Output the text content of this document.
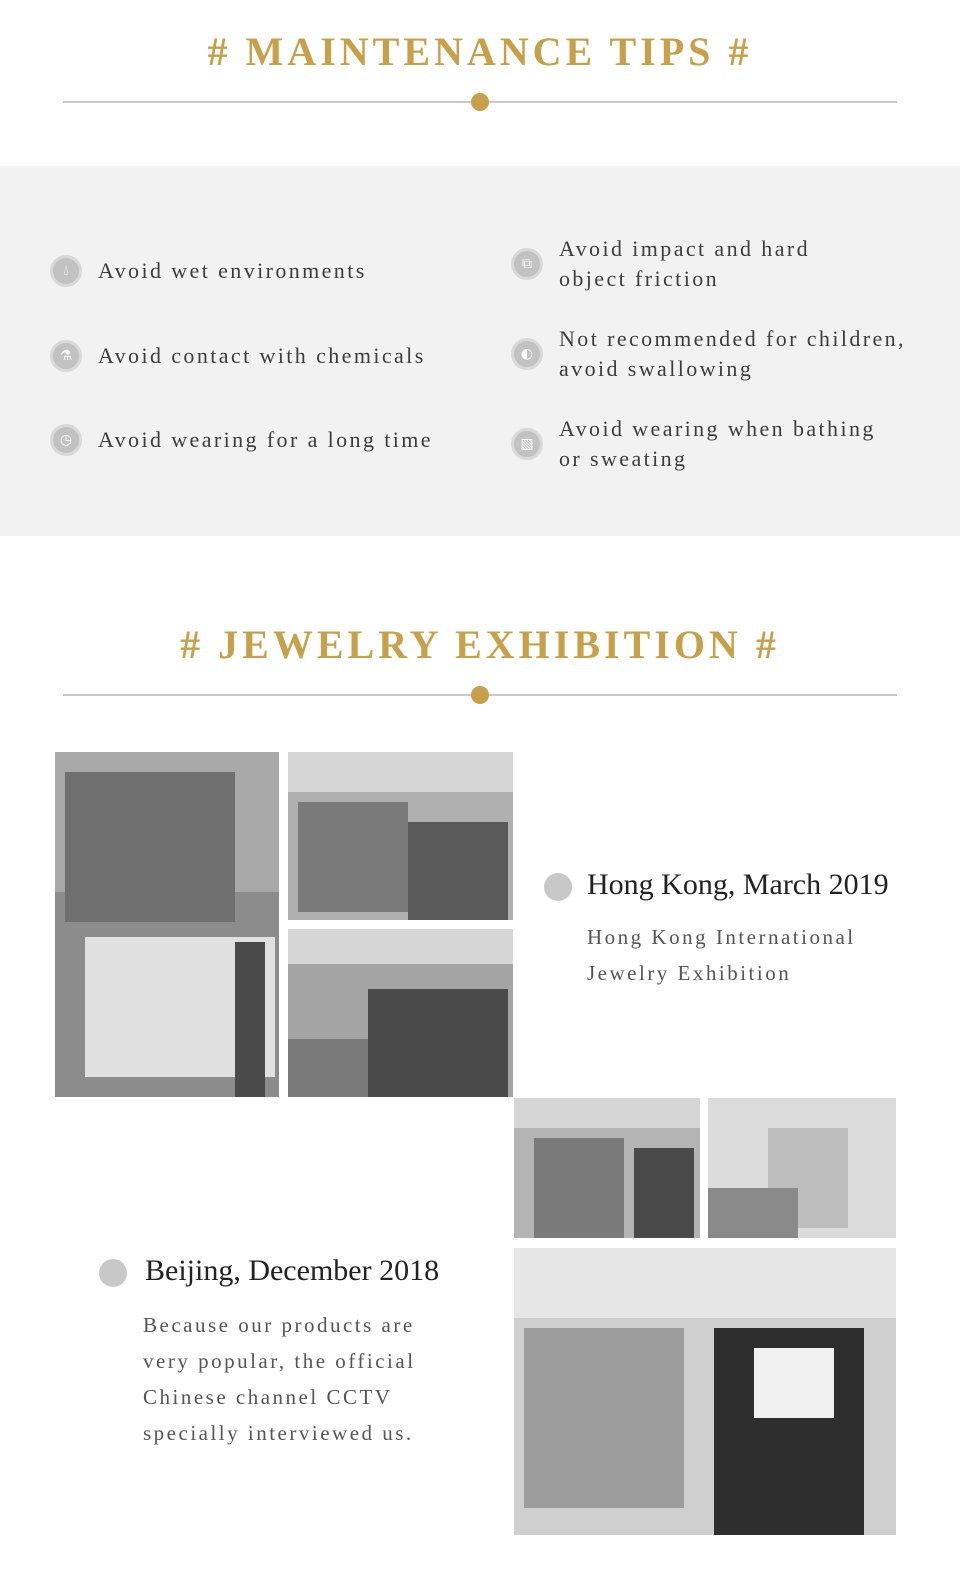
# MAINTENANCE TIPS #
💧︎	Avoid wet environments
⚗	Avoid contact with chemicals
◷	Avoid wearing for a long time
⧉
Avoid impact and hard
object friction
◐
Not recommended for children,
avoid swallowing
▧
Avoid wearing when bathing
or sweating
# JEWELRY EXHIBITION #
Hong Kong, March 2019
Hong Kong International
Jewelry Exhibition
Beijing, December 2018
Because our products are
very popular, the official
Chinese channel CCTV
specially interviewed us.
